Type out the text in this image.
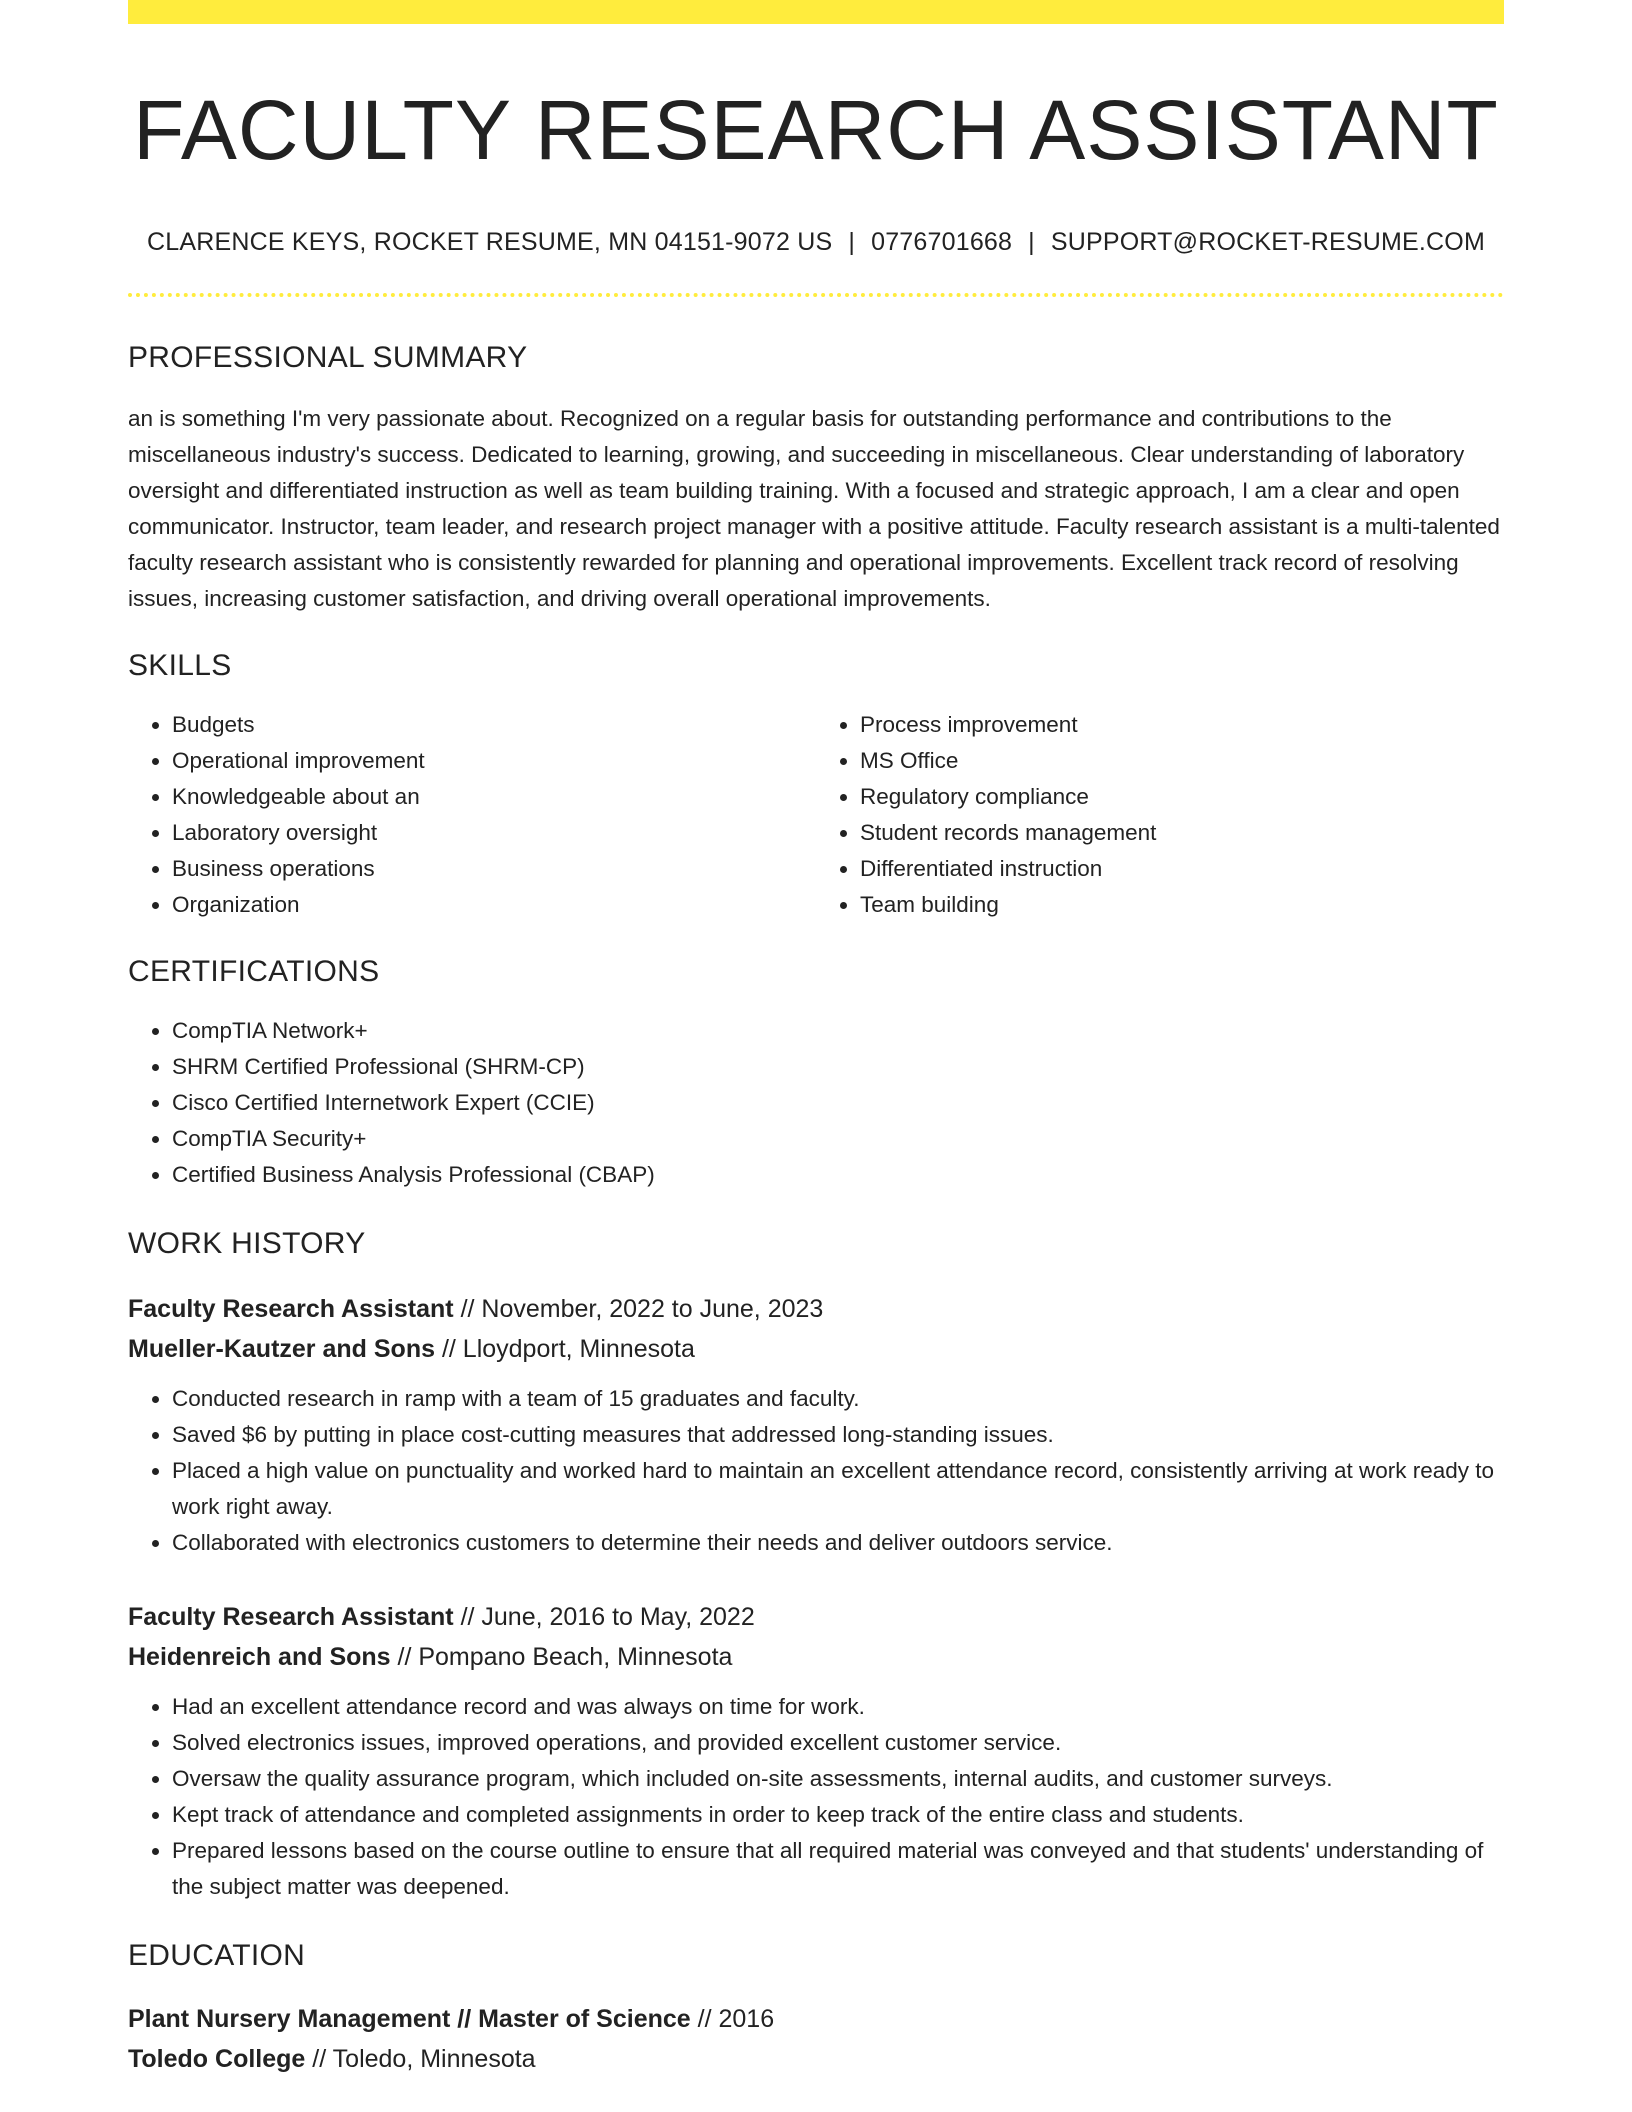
FACULTY RESEARCH ASSISTANT
CLARENCE KEYS, ROCKET RESUME, MN 04151-9072 US | 0776701668 | SUPPORT@ROCKET-RESUME.COM
PROFESSIONAL SUMMARY

an is something I'm very passionate about. Recognized on a regular basis for outstanding performance and contributions to the miscellaneous industry's success. Dedicated to learning, growing, and succeeding in miscellaneous. Clear understanding of laboratory oversight and differentiated instruction as well as team building training. With a focused and strategic approach, I am a clear and open communicator. Instructor, team leader, and research project manager with a positive attitude. Faculty research assistant is a multi-talented faculty research assistant who is consistently rewarded for planning and operational improvements. Excellent track record of resolving issues, increasing customer satisfaction, and driving overall operational improvements.

SKILLS
• Budgets
• Operational improvement
• Knowledgeable about an
• Laboratory oversight
• Business operations
• Organization
• Process improvement
• MS Office
• Regulatory compliance
• Student records management
• Differentiated instruction
• Team building
CERTIFICATIONS
• CompTIA Network+
• SHRM Certified Professional (SHRM-CP)
• Cisco Certified Internetwork Expert (CCIE)
• CompTIA Security+
• Certified Business Analysis Professional (CBAP)
WORK HISTORY
Faculty Research Assistant // November, 2022 to June, 2023
Mueller-Kautzer and Sons // Lloydport, Minnesota
• Conducted research in ramp with a team of 15 graduates and faculty.
• Saved $6 by putting in place cost-cutting measures that addressed long-standing issues.
• Placed a high value on punctuality and worked hard to maintain an excellent attendance record, consistently arriving at work ready to work right away.
• Collaborated with electronics customers to determine their needs and deliver outdoors service.
Faculty Research Assistant // June, 2016 to May, 2022
Heidenreich and Sons // Pompano Beach, Minnesota
• Had an excellent attendance record and was always on time for work.
• Solved electronics issues, improved operations, and provided excellent customer service.
• Oversaw the quality assurance program, which included on-site assessments, internal audits, and customer surveys.
• Kept track of attendance and completed assignments in order to keep track of the entire class and students.
• Prepared lessons based on the course outline to ensure that all required material was conveyed and that students' understanding of the subject matter was deepened.
EDUCATION
Plant Nursery Management // Master of Science // 2016
Toledo College // Toledo, Minnesota
